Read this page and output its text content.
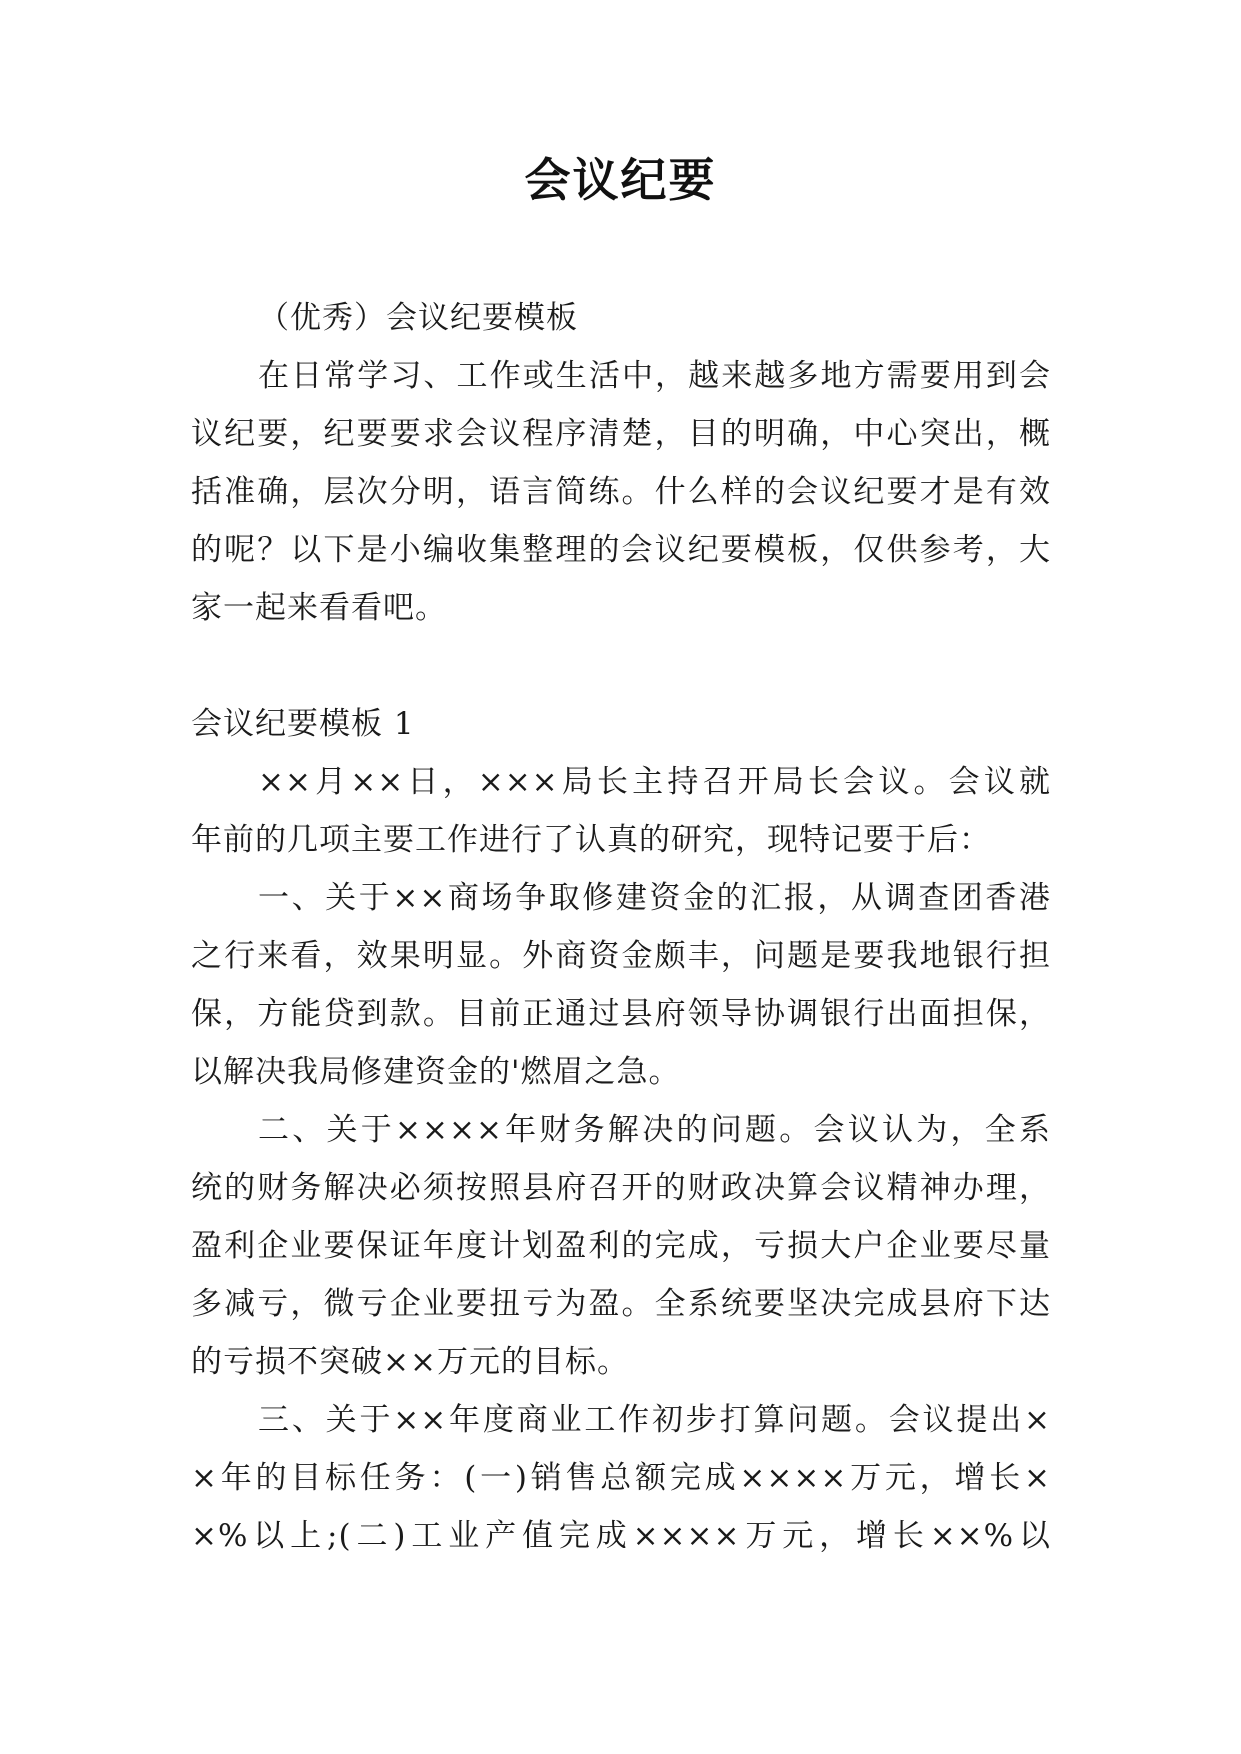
会议纪要
（优秀）会议纪要模板
在日常学习、工作或生活中，越来越多地方需要用到会
议纪要，纪要要求会议程序清楚，目的明确，中心突出，概
括准确，层次分明，语言简练。什么样的会议纪要才是有效
的呢？以下是小编收集整理的会议纪要模板，仅供参考，大
家一起来看看吧。
会议纪要模板 1
××月××日，×××局长主持召开局长会议。会议就
年前的几项主要工作进行了认真的研究，现特记要于后：
一、关于××商场争取修建资金的汇报，从调查团香港
之行来看，效果明显。外商资金颇丰，问题是要我地银行担
保，方能贷到款。目前正通过县府领导协调银行出面担保，
以解决我局修建资金的'燃眉之急。
二、关于××××年财务解决的问题。会议认为，全系
统的财务解决必须按照县府召开的财政决算会议精神办理，
盈利企业要保证年度计划盈利的完成，亏损大户企业要尽量
多减亏，微亏企业要扭亏为盈。全系统要坚决完成县府下达
的亏损不突破××万元的目标。
三、关于××年度商业工作初步打算问题。会议提出×
×年的目标任务：(一)销售总额完成××××万元，增长×
×%以上;(二)工业产值完成××××万元，增长××%以
